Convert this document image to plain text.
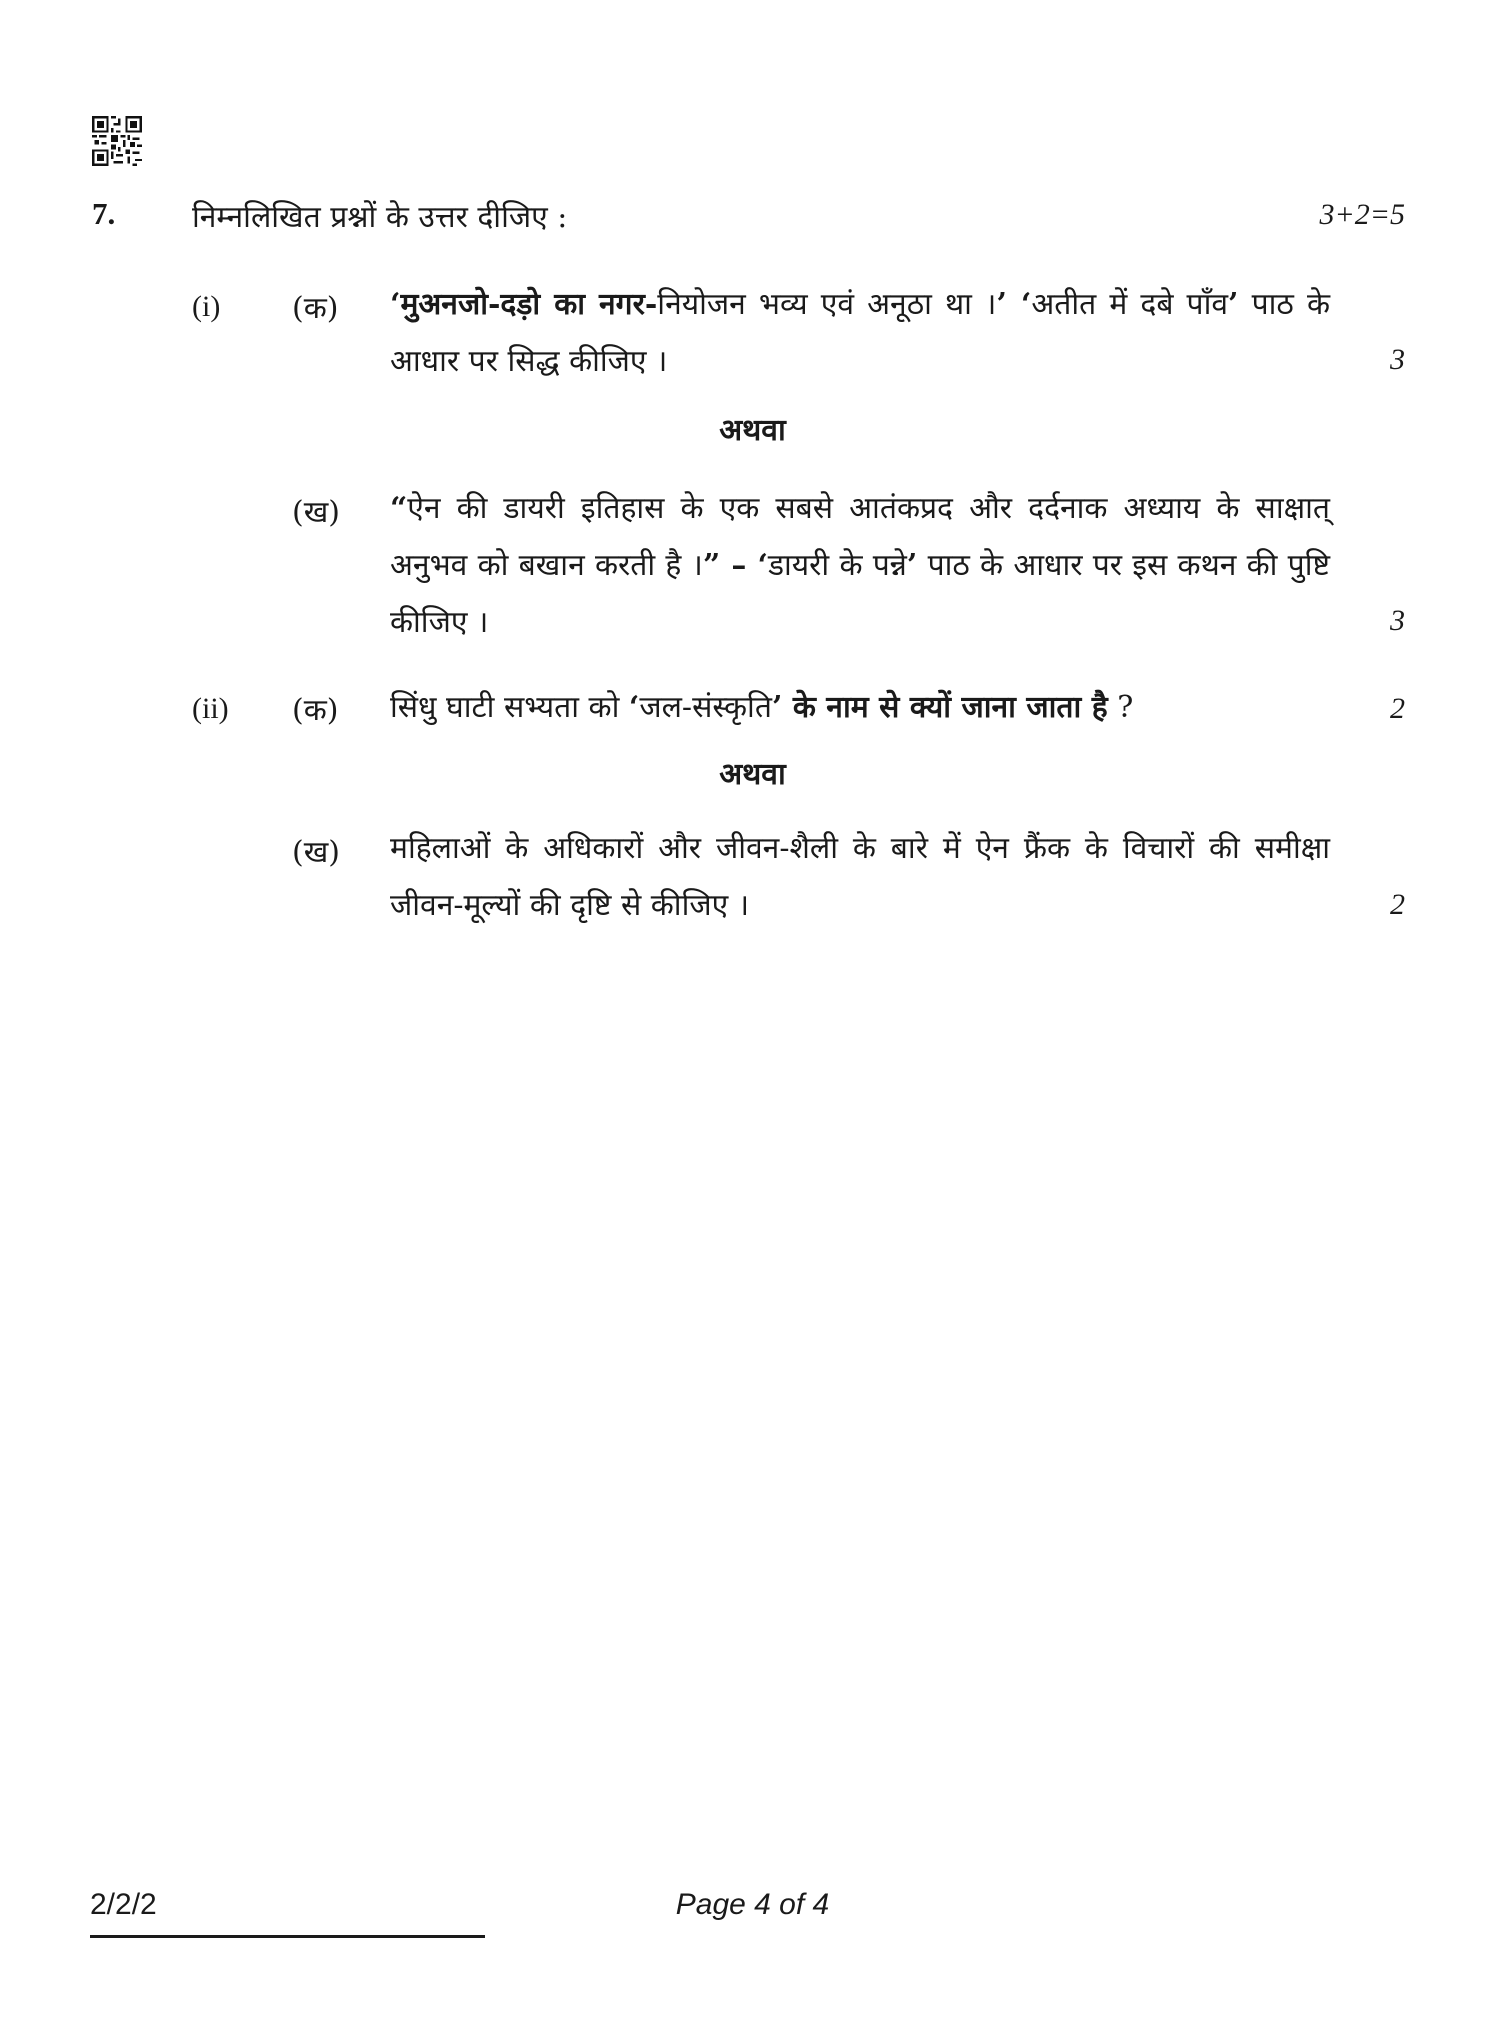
7.	निम्नलिखित प्रश्नों के उत्तर दीजिए :	3+2=5
(i) (क) ‘मुअनजो-दड़ो का नगर-नियोजन भव्य एवं अनूठा था ।’ ‘अतीत में दबे पाँव’ पाठ के आधार पर सिद्ध कीजिए ।	3
अथवा
(ख) “ऐन की डायरी इतिहास के एक सबसे आतंकप्रद और दर्दनाक अध्याय के साक्षात् अनुभव को बखान करती है ।” – ‘डायरी के पन्ने’ पाठ के आधार पर इस कथन की पुष्टि कीजिए ।	3
(ii) (क) सिंधु घाटी सभ्यता को ‘जल-संस्कृति’ के नाम से क्यों जाना जाता है ?	2
अथवा
(ख) महिलाओं के अधिकारों और जीवन-शैली के बारे में ऐन फ्रैंक के विचारों की समीक्षा जीवन-मूल्यों की दृष्टि से कीजिए ।	2
2/2/2	Page 4 of 4
